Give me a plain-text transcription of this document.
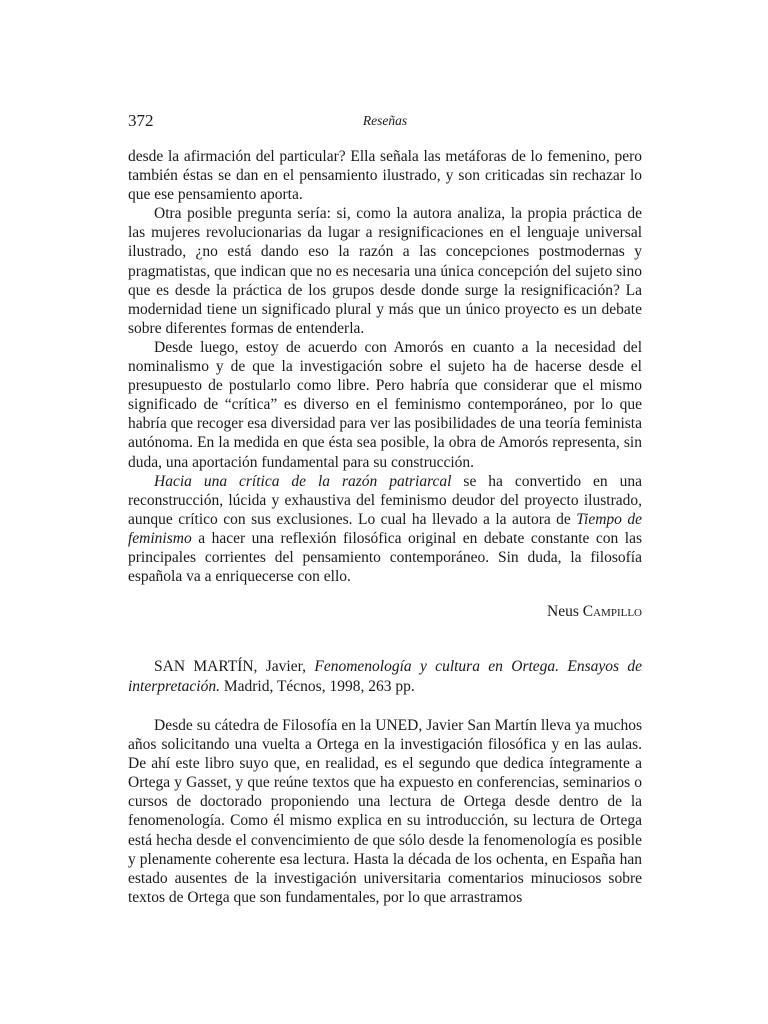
372	Reseñas

desde la afirmación del particular? Ella señala las metáforas de lo femenino, pero también éstas se dan en el pensamiento ilustrado, y son criticadas sin rechazar lo que ese pensamiento aporta.

Otra posible pregunta sería: si, como la autora analiza, la propia práctica de las mujeres revolucionarias da lugar a resignificaciones en el lenguaje universal ilustrado, ¿no está dando eso la razón a las concepciones postmodernas y pragmatistas, que indican que no es necesaria una única concepción del sujeto sino que es desde la práctica de los grupos desde donde surge la resignificación? La modernidad tiene un significado plural y más que un único proyecto es un debate sobre diferentes formas de entenderla.

Desde luego, estoy de acuerdo con Amorós en cuanto a la necesidad del nominalismo y de que la investigación sobre el sujeto ha de hacerse desde el presupuesto de postularlo como libre. Pero habría que considerar que el mismo significado de “crítica” es diverso en el feminismo contemporáneo, por lo que habría que recoger esa diversidad para ver las posibilidades de una teoría feminista autónoma. En la medida en que ésta sea posible, la obra de Amorós representa, sin duda, una aportación fundamental para su construcción.

Hacia una crítica de la razón patriarcal se ha convertido en una reconstrucción, lúcida y exhaustiva del feminismo deudor del proyecto ilustrado, aunque crítico con sus exclusiones. Lo cual ha llevado a la autora de Tiempo de feminismo a hacer una reflexión filosófica original en debate constante con las principales corrientes del pensamiento contemporáneo. Sin duda, la filosofía española va a enriquecerse con ello.

Neus Campillo
SAN MARTÍN, Javier, Fenomenología y cultura en Ortega. Ensayos de interpretación. Madrid, Técnos, 1998, 263 pp.

Desde su cátedra de Filosofía en la UNED, Javier San Martín lleva ya muchos años solicitando una vuelta a Ortega en la investigación filosófica y en las aulas. De ahí este libro suyo que, en realidad, es el segundo que dedica íntegramente a Ortega y Gasset, y que reúne textos que ha expuesto en conferencias, seminarios o cursos de doctorado proponiendo una lectura de Ortega desde dentro de la fenomenología. Como él mismo explica en su introducción, su lectura de Ortega está hecha desde el convencimiento de que sólo desde la fenomenología es posible y plenamente coherente esa lectura. Hasta la década de los ochenta, en España han estado ausentes de la investigación universitaria comentarios minuciosos sobre textos de Ortega que son fundamentales, por lo que arrastramos
